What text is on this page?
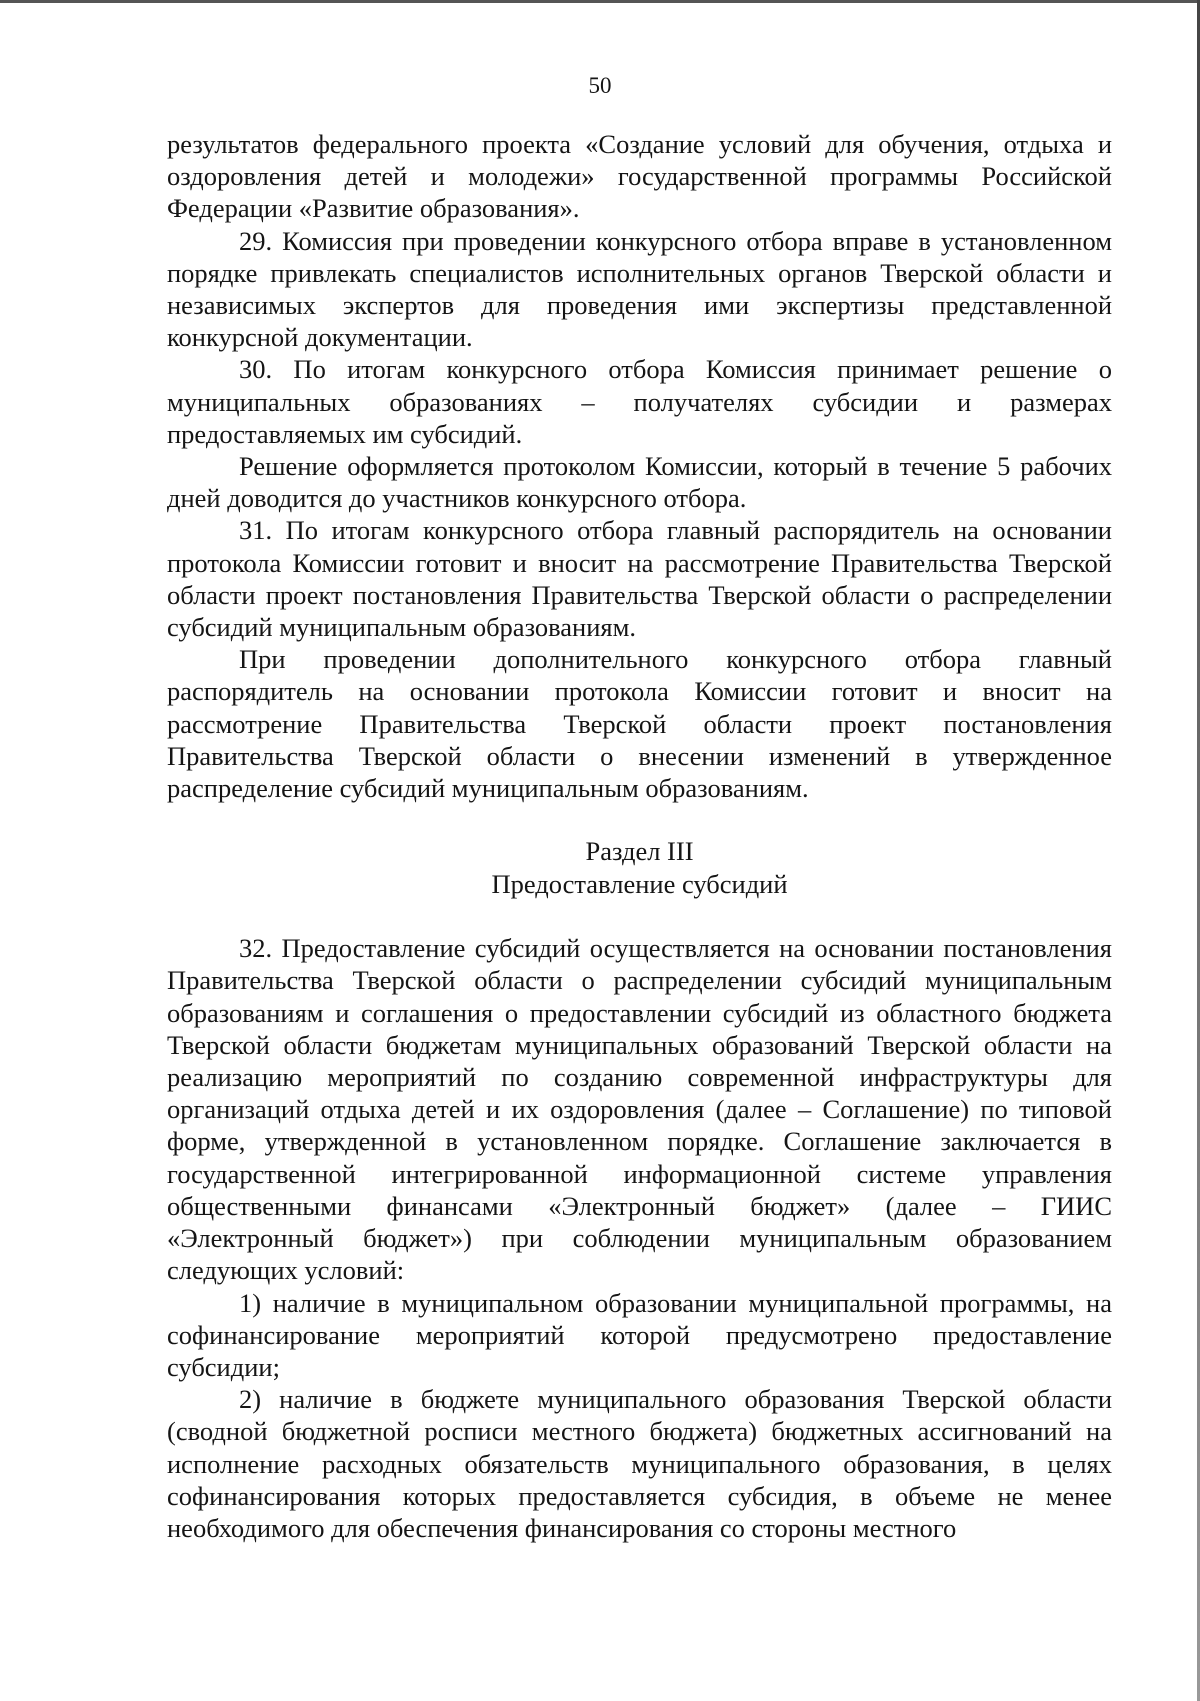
50

результатов федерального проекта «Создание условий для обучения, отдыха и оздоровления детей и молодежи» государственной программы Российской Федерации «Развитие образования».

29. Комиссия при проведении конкурсного отбора вправе в установленном порядке привлекать специалистов исполнительных органов Тверской области и независимых экспертов для проведения ими экспертизы представленной конкурсной документации.

30. По итогам конкурсного отбора Комиссия принимает решение о муниципальных образованиях – получателях субсидии и размерах предоставляемых им субсидий.

Решение оформляется протоколом Комиссии, который в течение 5 рабочих дней доводится до участников конкурсного отбора.

31. По итогам конкурсного отбора главный распорядитель на основании протокола Комиссии готовит и вносит на рассмотрение Правительства Тверской области проект постановления Правительства Тверской области о распределении субсидий муниципальным образованиям.

При проведении дополнительного конкурсного отбора главный распорядитель на основании протокола Комиссии готовит и вносит на рассмотрение Правительства Тверской области проект постановления Правительства Тверской области о внесении изменений в утвержденное распределение субсидий муниципальным образованиям.

Раздел III
Предоставление субсидий

32. Предоставление субсидий осуществляется на основании постановления Правительства Тверской области о распределении субсидий муниципальным образованиям и соглашения о предоставлении субсидий из областного бюджета Тверской области бюджетам муниципальных образований Тверской области на реализацию мероприятий по созданию современной инфраструктуры для организаций отдыха детей и их оздоровления (далее – Соглашение) по типовой форме, утвержденной в установленном порядке. Соглашение заключается в государственной интегрированной информационной системе управления общественными финансами «Электронный бюджет» (далее – ГИИС «Электронный бюджет») при соблюдении муниципальным образованием следующих условий:

1) наличие в муниципальном образовании муниципальной программы, на софинансирование мероприятий которой предусмотрено предоставление субсидии;

2) наличие в бюджете муниципального образования Тверской области (сводной бюджетной росписи местного бюджета) бюджетных ассигнований на исполнение расходных обязательств муниципального образования, в целях софинансирования которых предоставляется субсидия, в объеме не менее необходимого для обеспечения финансирования со стороны местного
